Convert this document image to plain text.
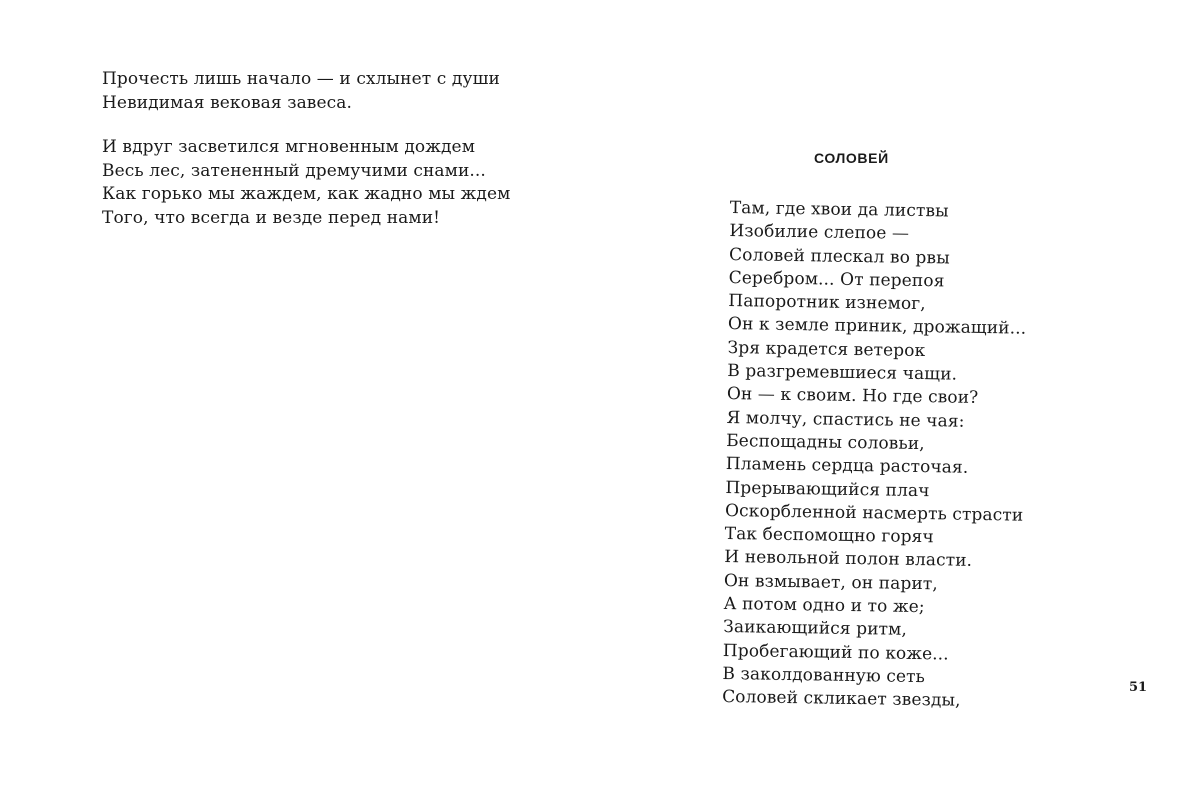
Прочесть лишь начало — и схлынет с души
Невидимая вековая завеса.

И вдруг засветился мгновенным дождем
Весь лес, затененный дремучими снами...
Как горько мы жаждем, как жадно мы ждем
Того, что всегда и везде перед нами!

СОЛОВЕЙ

Там, где хвои да листвы
Изобилие слепое —
Соловей плескал во рвы
Серебром... От перепоя
Папоротник изнемог,
Он к земле приник, дрожащий...
Зря крадется ветерок
В разгремевшиеся чащи.
Он — к своим. Но где свои?
Я молчу, спастись не чая:
Беспощадны соловьи,
Пламень сердца расточая.
Прерывающийся плач
Оскорбленной насмерть страсти
Так беспомощно горяч
И невольной полон власти.
Он взмывает, он парит,
А потом одно и то же;
Заикающийся ритм,
Пробегающий по коже...
В заколдованную сеть
Соловей скликает звезды,	51
